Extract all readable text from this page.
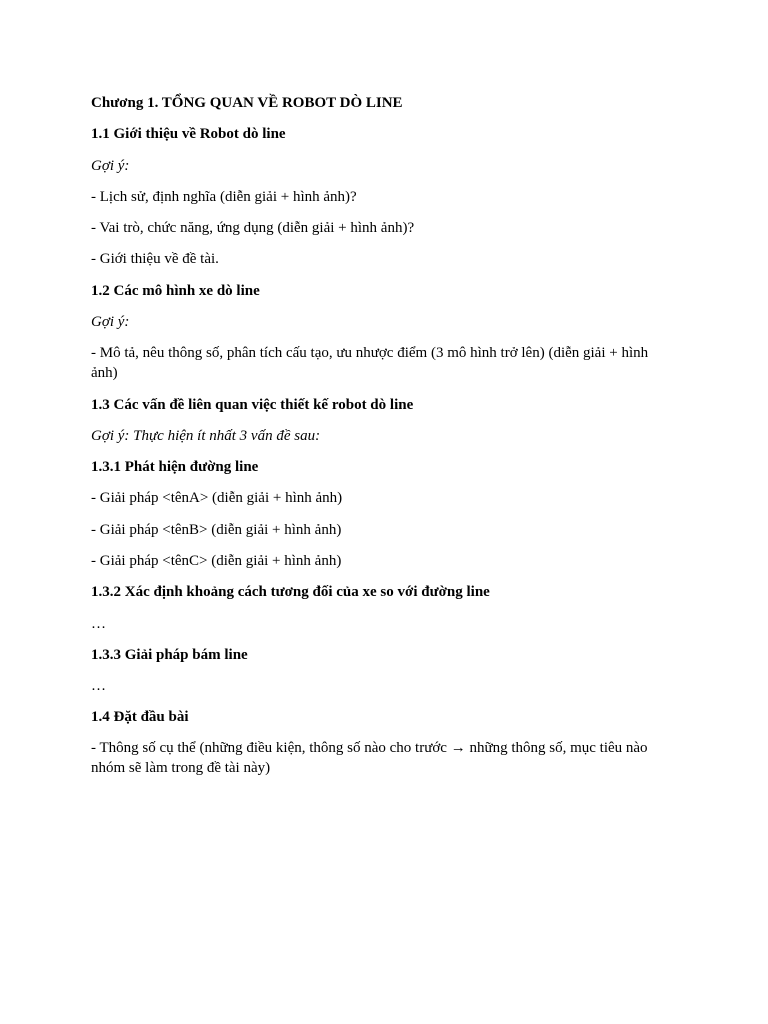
Chương 1. TỔNG QUAN VỀ ROBOT DÒ LINE
1.1 Giới thiệu về Robot dò line
Gợi ý:
- Lịch sử, định nghĩa (diễn giải + hình ảnh)?
- Vai trò, chức năng, ứng dụng (diễn giải + hình ảnh)?
- Giới thiệu về đề tài.
1.2 Các mô hình xe dò line
Gợi ý:
- Mô tả, nêu thông số, phân tích cấu tạo, ưu nhược điểm (3 mô hình trở lên) (diễn giải + hình ảnh)
1.3 Các vấn đề liên quan việc thiết kế robot dò line
Gợi ý: Thực hiện ít nhất 3 vấn đề sau:
1.3.1 Phát hiện đường line
- Giải pháp <tênA> (diễn giải + hình ảnh)
- Giải pháp <tênB> (diễn giải + hình ảnh)
- Giải pháp <tênC> (diễn giải + hình ảnh)
1.3.2 Xác định khoảng cách tương đối của xe so với đường line
…
1.3.3 Giải pháp bám line
…
1.4 Đặt đầu bài
- Thông số cụ thể (những điều kiện, thông số nào cho trước → những thông số, mục tiêu nào nhóm sẽ làm trong đề tài này)
